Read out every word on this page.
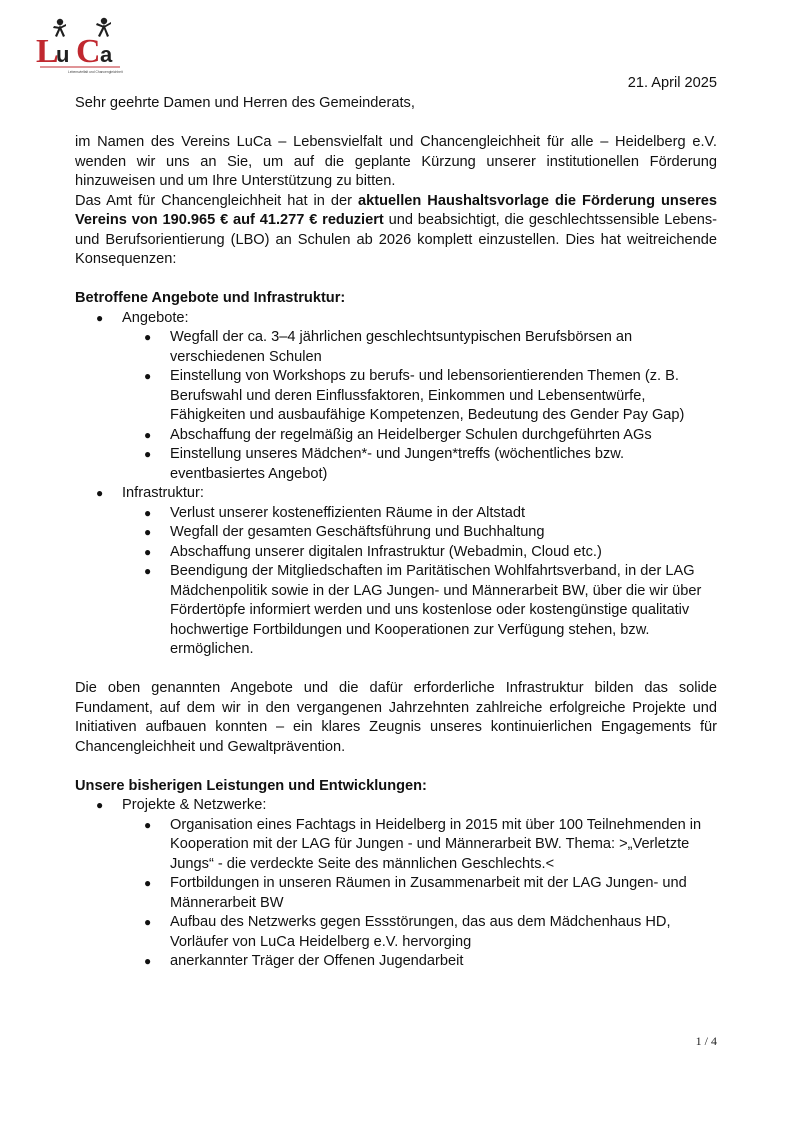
L
u C a
Lebensvielfalt und Chancengleichheit
21. April 2025

Sehr geehrte Damen und Herren des Gemeinderats,

im Namen des Vereins LuCa – Lebensvielfalt und Chancengleichheit für alle – Heidelberg e.V. wenden wir uns an Sie, um auf die geplante Kürzung unserer institutionellen Förderung hinzuweisen und um Ihre Unterstützung zu bitten.

Das Amt für Chancengleichheit hat in der aktuellen Haushaltsvorlage die Förderung unseres Vereins von 190.965 € auf 41.277 € reduziert und beabsichtigt, die geschlechtssensible Lebens- und Berufsorientierung (LBO) an Schulen ab 2026 komplett einzustellen. Dies hat weitreichende Konsequenzen:

Betroffene Angebote und Infrastruktur:

● Angebote:
● Wegfall der ca. 3–4 jährlichen geschlechtsuntypischen Berufsbörsen an verschiedenen Schulen
● Einstellung von Workshops zu berufs- und lebensorientierenden Themen (z. B. Berufswahl und deren Einflussfaktoren, Einkommen und Lebensentwürfe, Fähigkeiten und ausbaufähige Kompetenzen, Bedeutung des Gender Pay Gap)
● Abschaffung der regelmäßig an Heidelberger Schulen durchgeführten AGs
● Einstellung unseres Mädchen*- und Jungen*treffs (wöchentliches bzw. eventbasiertes Angebot)
● Infrastruktur:
● Verlust unserer kosteneffizienten Räume in der Altstadt
● Wegfall der gesamten Geschäftsführung und Buchhaltung
● Abschaffung unserer digitalen Infrastruktur (Webadmin, Cloud etc.)
● Beendigung der Mitgliedschaften im Paritätischen Wohlfahrtsverband, in der LAG Mädchenpolitik sowie in der LAG Jungen- und Männerarbeit BW, über die wir über Fördertöpfe informiert werden und uns kostenlose oder kostengünstige qualitativ hochwertige Fortbildungen und Kooperationen zur Verfügung stehen, bzw. ermöglichen.

Die oben genannten Angebote und die dafür erforderliche Infrastruktur bilden das solide Fundament, auf dem wir in den vergangenen Jahrzehnten zahlreiche erfolgreiche Projekte und Initiativen aufbauen konnten – ein klares Zeugnis unseres kontinuierlichen Engagements für Chancengleichheit und Gewaltprävention.

Unsere bisherigen Leistungen und Entwicklungen:

● Projekte & Netzwerke:
● Organisation eines Fachtags in Heidelberg in 2015 mit über 100 Teilnehmenden in Kooperation mit der LAG für Jungen - und Männerarbeit BW. Thema: >„Verletzte Jungs“ - die verdeckte Seite des männlichen Geschlechts.<
● Fortbildungen in unseren Räumen in Zusammenarbeit mit der LAG Jungen- und Männerarbeit BW
● Aufbau des Netzwerks gegen Essstörungen, das aus dem Mädchenhaus HD, Vorläufer von LuCa Heidelberg e.V. hervorging
● anerkannter Träger der Offenen Jugendarbeit
1 / 4
